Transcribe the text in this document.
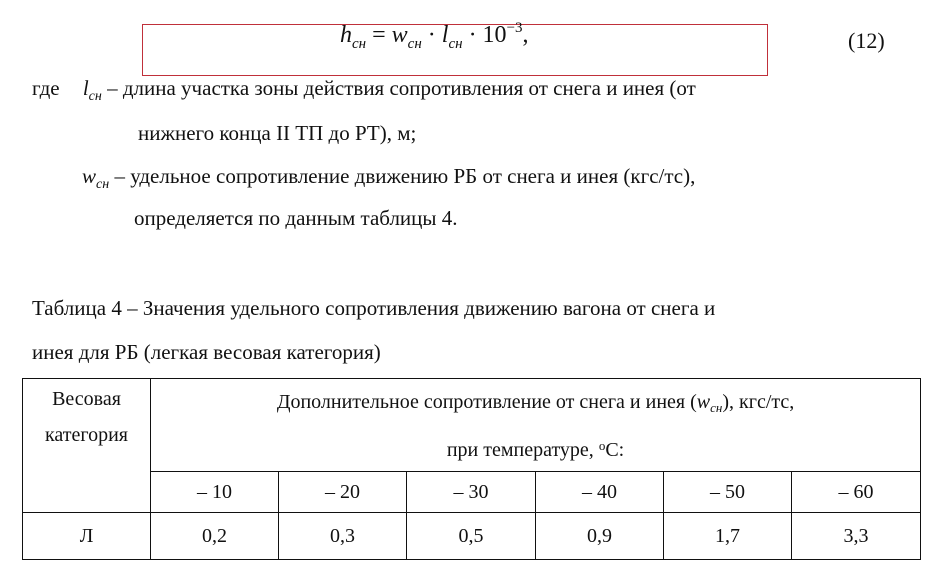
$h_{сн} = w_{сн} \cdot l_{сн} \cdot 10^{-3}$,	(12)
где $l_{сн}$ – длина участка зоны действия сопротивления от снега и инея (от
нижнего конца II ТП до РТ), м;
$w_{сн}$ – удельное сопротивление движению РБ от снега и инея (кгс/тс),
определяется по данным таблицы 4.
Таблица 4 – Значения удельного сопротивления движению вагона от снега и
инея для РБ (легкая весовая категория)
Весовая категория	Дополнительное сопротивление от снега и инея $(w_{сн})$, кгс/тс,
при температуре, $^о$С:					
	– 10	– 20	– 30	– 40	– 50	– 60
Л	0,2	0,3	0,5	0,9	1,7	3,3
